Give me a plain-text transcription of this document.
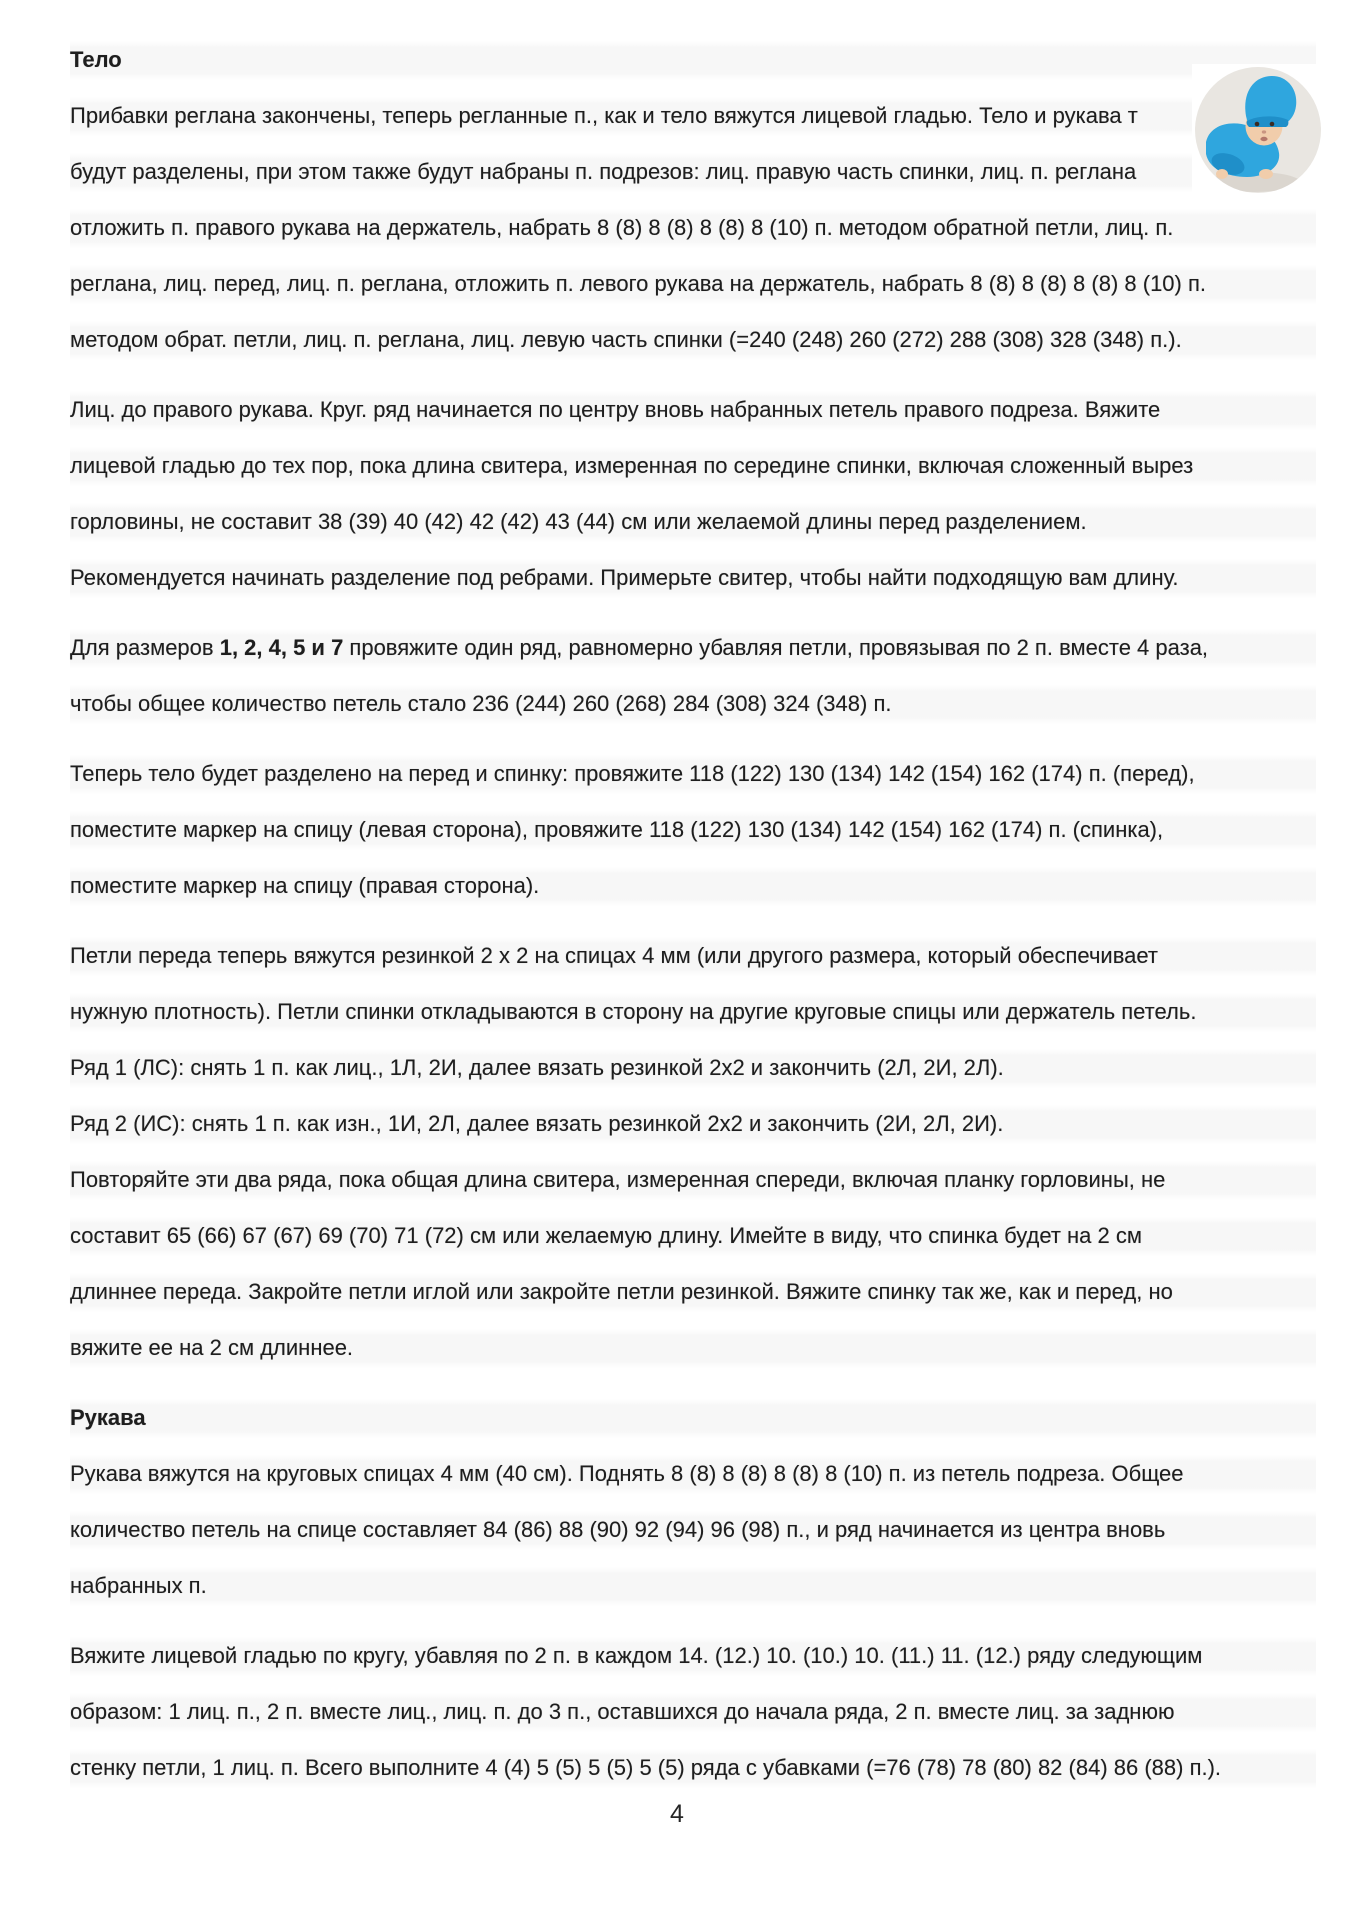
Тело
Прибавки реглана закончены, теперь регланные п., как и тело вяжутся лицевой гладью. Тело и рукава т
будут разделены, при этом также будут набраны п. подрезов: лиц. правую часть спинки, лиц. п. реглана
отложить п. правого рукава на держатель, набрать 8 (8) 8 (8) 8 (8) 8 (10) п. методом обратной петли, лиц. п.
реглана, лиц. перед, лиц. п. реглана, отложить п. левого рукава на держатель, набрать 8 (8) 8 (8) 8 (8) 8 (10) п.
методом обрат. петли, лиц. п. реглана, лиц. левую часть спинки (=240 (248) 260 (272) 288 (308) 328 (348) п.).
Лиц. до правого рукава. Круг. ряд начинается по центру вновь набранных петель правого подреза. Вяжите
лицевой гладью до тех пор, пока длина свитера, измеренная по середине спинки, включая сложенный вырез
горловины, не составит 38 (39) 40 (42) 42 (42) 43 (44) см или желаемой длины перед разделением.
Рекомендуется начинать разделение под ребрами. Примерьте свитер, чтобы найти подходящую вам длину.
Для размеров 1, 2, 4, 5 и 7 провяжите один ряд, равномерно убавляя петли, провязывая по 2 п. вместе 4 раза,
чтобы общее количество петель стало 236 (244) 260 (268) 284 (308) 324 (348) п.
Теперь тело будет разделено на перед и спинку: провяжите 118 (122) 130 (134) 142 (154) 162 (174) п. (перед),
поместите маркер на спицу (левая сторона), провяжите 118 (122) 130 (134) 142 (154) 162 (174) п. (спинка),
поместите маркер на спицу (правая сторона).
Петли переда теперь вяжутся резинкой 2 х 2 на спицах 4 мм (или другого размера, который обеспечивает
нужную плотность). Петли спинки откладываются в сторону на другие круговые спицы или держатель петель.
Ряд 1 (ЛС): снять 1 п. как лиц., 1Л, 2И, далее вязать резинкой 2х2 и закончить (2Л, 2И, 2Л).
Ряд 2 (ИС): снять 1 п. как изн., 1И, 2Л, далее вязать резинкой 2х2 и закончить (2И, 2Л, 2И).
Повторяйте эти два ряда, пока общая длина свитера, измеренная спереди, включая планку горловины, не
составит 65 (66) 67 (67) 69 (70) 71 (72) см или желаемую длину. Имейте в виду, что спинка будет на 2 см
длиннее переда. Закройте петли иглой или закройте петли резинкой. Вяжите спинку так же, как и перед, но
вяжите ее на 2 см длиннее.
Рукава
Рукава вяжутся на круговых спицах 4 мм (40 см). Поднять 8 (8) 8 (8) 8 (8) 8 (10) п. из петель подреза. Общее
количество петель на спице составляет 84 (86) 88 (90) 92 (94) 96 (98) п., и ряд начинается из центра вновь
набранных п.
Вяжите лицевой гладью по кругу, убавляя по 2 п. в каждом 14. (12.) 10. (10.) 10. (11.) 11. (12.) ряду следующим
образом: 1 лиц. п., 2 п. вместе лиц., лиц. п. до 3 п., оставшихся до начала ряда, 2 п. вместе лиц. за заднюю
стенку петли, 1 лиц. п. Всего выполните 4 (4) 5 (5) 5 (5) 5 (5) ряда с убавками (=76 (78) 78 (80) 82 (84) 86 (88) п.).
4
